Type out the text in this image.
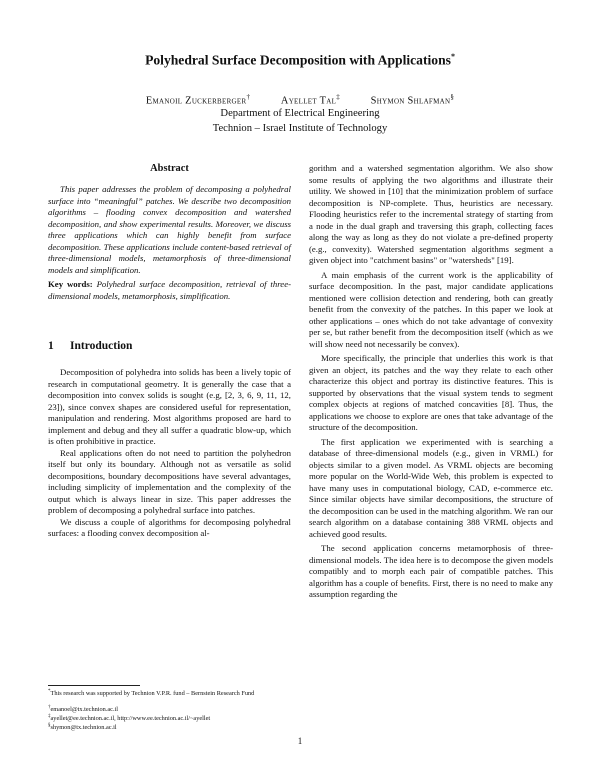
Polyhedral Surface Decomposition with Applications*
Emanoil Zuckerberger†	Ayellet Tal‡	Shymon Shlafman§
Department of Electrical Engineering
Technion – Israel Institute of Technology
Abstract

This paper addresses the problem of decomposing a polyhedral surface into “meaningful” patches. We describe two decomposition algorithms – flooding convex decomposition and watershed decomposition, and show experimental results. Moreover, we discuss three applications which can highly benefit from surface decomposition. These applications include content-based retrieval of three-dimensional models, metamorphosis of three-dimensional models and simplification.

Key words: Polyhedral surface decomposition, retrieval of three-dimensional models, metamorphosis, simplification.

1 Introduction

Decomposition of polyhedra into solids has been a lively topic of research in computational geometry. It is generally the case that a decomposition into convex solids is sought (e.g, [2, 3, 6, 9, 11, 12, 23]), since convex shapes are considered useful for representation, manipulation and rendering. Most algorithms proposed are hard to implement and debug and they all suffer a quadratic blow-up, which is often prohibitive in practice.

Real applications often do not need to partition the polyhedron itself but only its boundary. Although not as versatile as solid decompositions, boundary decompositions have several advantages, including simplicity of implementation and the complexity of the output which is always linear in size. This paper addresses the problem of decomposing a polyhedral surface into patches.

We discuss a couple of algorithms for decomposing polyhedral surfaces: a flooding convex decomposition al-

*This research was supported by Technion V.P.R. fund – Bernstein Research Fund
†emanoel@tx.technion.ac.il
‡ayellet@ee.technion.ac.il, http://www.ee.technion.ac.il/~ayellet
§shymon@tx.technion.ac.il

gorithm and a watershed segmentation algorithm. We also show some results of applying the two algorithms and illustrate their utility. We showed in [10] that the minimization problem of surface decomposition is NP-complete. Thus, heuristics are necessary. Flooding heuristics refer to the incremental strategy of starting from a node in the dual graph and traversing this graph, collecting faces along the way as long as they do not violate a pre-defined property (e.g., convexity). Watershed segmentation algorithms segment a given object into "catchment basins" or "watersheds" [19].

A main emphasis of the current work is the applicability of surface decomposition. In the past, major candidate applications mentioned were collision detection and rendering, both can greatly benefit from the convexity of the patches. In this paper we look at other applications – ones which do not take advantage of convexity per se, but rather benefit from the decomposition itself (which as we will show need not necessarily be convex).

More specifically, the principle that underlies this work is that given an object, its patches and the way they relate to each other characterize this object and portray its distinctive features. This is supported by observations that the visual system tends to segment complex objects at regions of matched concavities [8]. Thus, the applications we choose to explore are ones that take advantage of the structure of the decomposition.

The first application we experimented with is searching a database of three-dimensional models (e.g., given in VRML) for objects similar to a given model. As VRML objects are becoming more popular on the World-Wide Web, this problem is expected to have many uses in computational biology, CAD, e-commerce etc. Since similar objects have similar decompositions, the structure of the decomposition can be used in the matching algorithm. We ran our search algorithm on a database containing 388 VRML objects and achieved good results.

The second application concerns metamorphosis of three-dimensional models. The idea here is to decompose the given models compatibly and to morph each pair of compatible patches. This algorithm has a couple of benefits. First, there is no need to make any assumption regarding the

1
